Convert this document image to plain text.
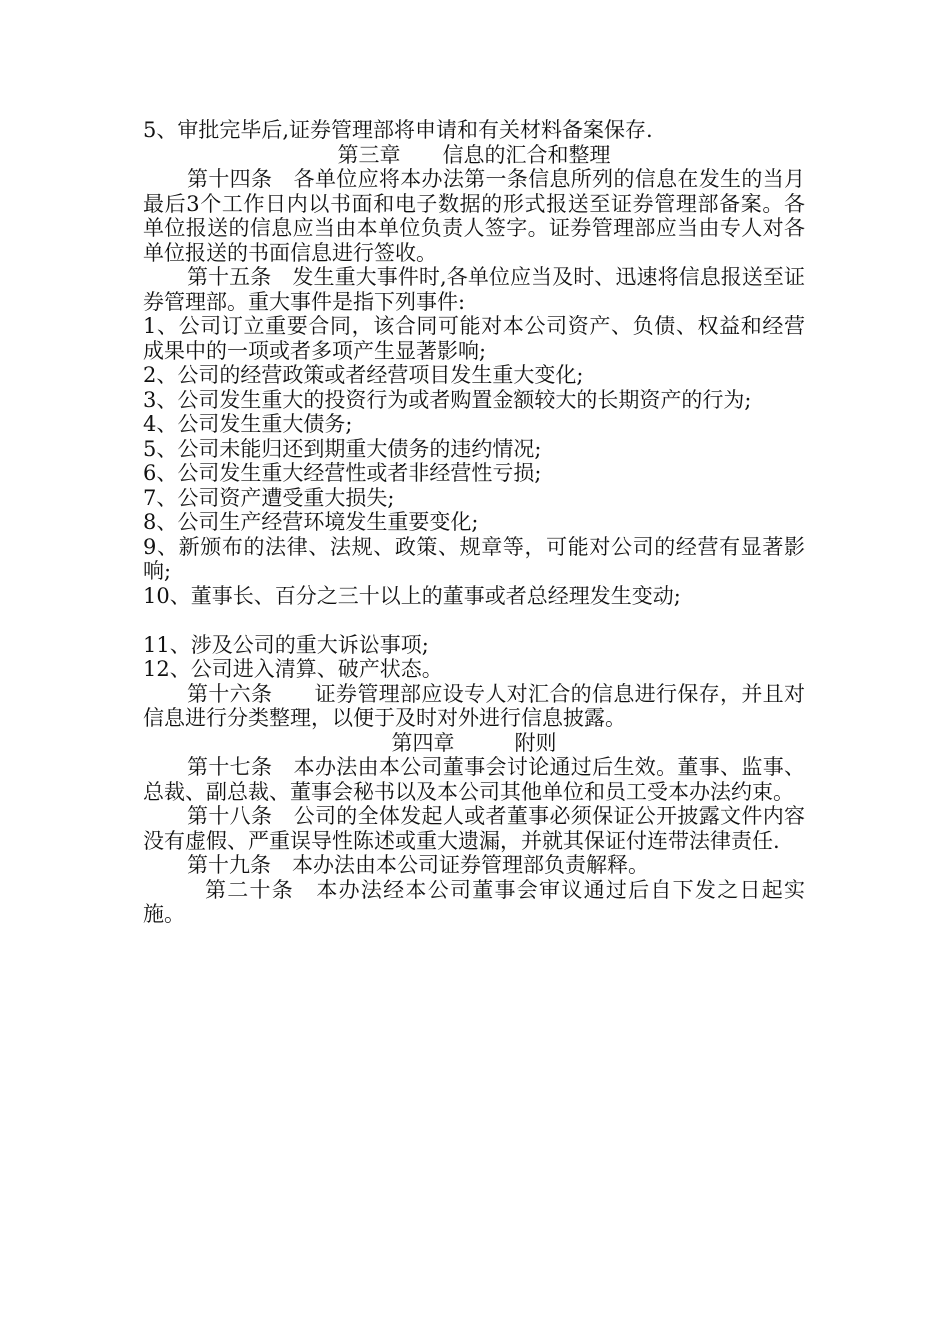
5、审批完毕后,证券管理部将申请和有关材料备案保存.

第三章 信息的汇合和整理

第十四条　 各单位应将本办法第一条信息所列的信息在发生的当月最后3个工作日内以书面和电子数据的形式报送至证券管理部备案。各单位报送的信息应当由本单位负责人签字。证券管理部应当由专人对各单位报送的书面信息进行签收。

第十五条　 发生重大事件时,各单位应当及时、迅速将信息报送至证券管理部。重大事件是指下列事件:

1、公司订立重要合同，该合同可能对本公司资产、负债、权益和经营成果中的一项或者多项产生显著影响;

2、公司的经营政策或者经营项目发生重大变化;

3、公司发生重大的投资行为或者购置金额较大的长期资产的行为;

4、公司发生重大债务;

5、公司未能归还到期重大债务的违约情况;

6、公司发生重大经营性或者非经营性亏损;

7、公司资产遭受重大损失;

8、公司生产经营环境发生重要变化;

9、新颁布的法律、法规、政策、规章等，可能对公司的经营有显著影响;

10、董事长、百分之三十以上的董事或者总经理发生变动;

11、涉及公司的重大诉讼事项;

12、公司进入清算、破产状态。

第十六条 证券管理部应设专人对汇合的信息进行保存，并且对信息进行分类整理，以便于及时对外进行信息披露。

第四章	附则

第十七条　 本办法由本公司董事会讨论通过后生效。董事、监事、总裁、副总裁、董事会秘书以及本公司其他单位和员工受本办法约束。

第十八条　 公司的全体发起人或者董事必须保证公开披露文件内容没有虚假、严重误导性陈述或重大遗漏，并就其保证付连带法律责任.

第十九条　 本办法由本公司证券管理部负责解释。

第二十条　 本办法经本公司董事会审议通过后自下发之日起实施。
